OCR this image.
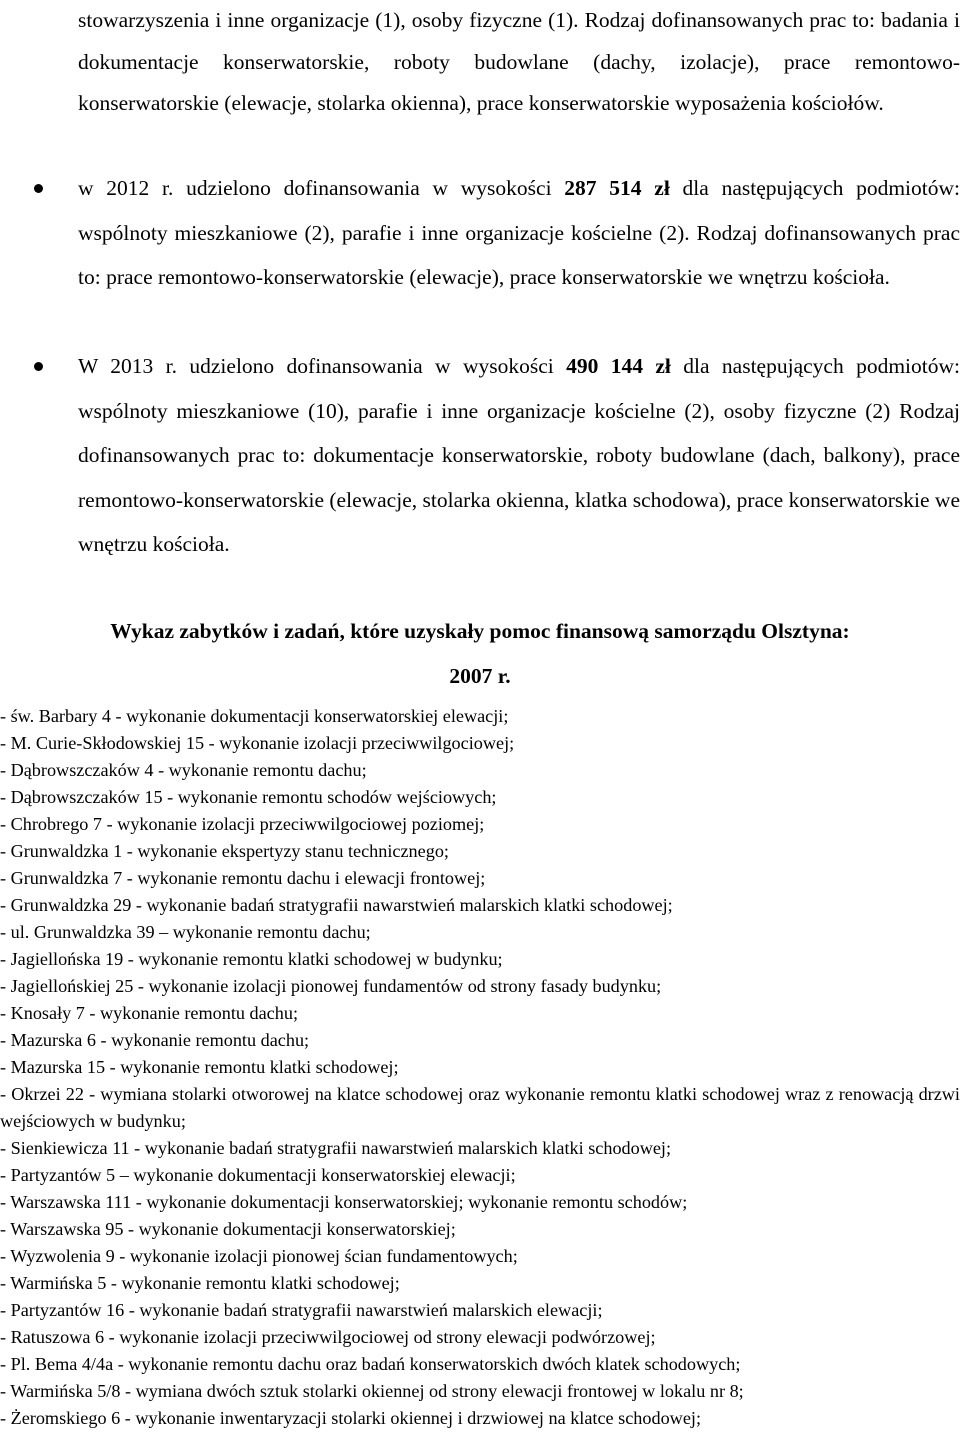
stowarzyszenia i inne organizacje (1), osoby fizyczne (1). Rodzaj dofinansowanych prac to: badania i dokumentacje konserwatorskie, roboty budowlane (dachy, izolacje), prace remontowo-konserwatorskie (elewacje, stolarka okienna), prace konserwatorskie wyposażenia kościołów.

w 2012 r. udzielono dofinansowania w wysokości 287 514 zł dla następujących podmiotów: wspólnoty mieszkaniowe (2), parafie i inne organizacje kościelne (2). Rodzaj dofinansowanych prac to: prace remontowo-konserwatorskie (elewacje), prace konserwatorskie we wnętrzu kościoła.
W 2013 r. udzielono dofinansowania w wysokości 490 144 zł dla następujących podmiotów: wspólnoty mieszkaniowe (10), parafie i inne organizacje kościelne (2), osoby fizyczne (2) Rodzaj dofinansowanych prac to: dokumentacje konserwatorskie, roboty budowlane (dach, balkony), prace remontowo-konserwatorskie (elewacje, stolarka okienna, klatka schodowa), prace konserwatorskie we wnętrzu kościoła.
Wykaz zabytków i zadań, które uzyskały pomoc finansową samorządu Olsztyna:
2007 r.
- św. Barbary 4 - wykonanie dokumentacji konserwatorskiej elewacji;
- M. Curie-Skłodowskiej 15 - wykonanie izolacji przeciwwilgociowej;
- Dąbrowszczaków 4 - wykonanie remontu dachu;
- Dąbrowszczaków 15 - wykonanie remontu schodów wejściowych;
- Chrobrego 7 - wykonanie izolacji przeciwwilgociowej poziomej;
- Grunwaldzka 1 - wykonanie ekspertyzy stanu technicznego;
- Grunwaldzka 7 - wykonanie remontu dachu i elewacji frontowej;
- Grunwaldzka 29 - wykonanie badań stratygrafii nawarstwień malarskich klatki schodowej;
- ul. Grunwaldzka 39 – wykonanie remontu dachu;
- Jagiellońska 19 - wykonanie remontu klatki schodowej w budynku;
- Jagiellońskiej 25 - wykonanie izolacji pionowej fundamentów od strony fasady budynku;
- Knosały 7 - wykonanie remontu dachu;
- Mazurska 6 - wykonanie remontu dachu;
- Mazurska 15 - wykonanie remontu klatki schodowej;
- Okrzei 22 - wymiana stolarki otworowej na klatce schodowej oraz wykonanie remontu klatki schodowej wraz z renowacją drzwi wejściowych w budynku;
- Sienkiewicza 11 - wykonanie badań stratygrafii nawarstwień malarskich klatki schodowej;
- Partyzantów 5 – wykonanie dokumentacji konserwatorskiej elewacji;
- Warszawska 111 - wykonanie dokumentacji konserwatorskiej; wykonanie remontu schodów;
- Warszawska 95 - wykonanie dokumentacji konserwatorskiej;
- Wyzwolenia 9 - wykonanie izolacji pionowej ścian fundamentowych;
- Warmińska 5 - wykonanie remontu klatki schodowej;
- Partyzantów 16 - wykonanie badań stratygrafii nawarstwień malarskich elewacji;
- Ratuszowa 6 - wykonanie izolacji przeciwwilgociowej od strony elewacji podwórzowej;
- Pl. Bema 4/4a - wykonanie remontu dachu oraz badań konserwatorskich dwóch klatek schodowych;
- Warmińska 5/8 - wymiana dwóch sztuk stolarki okiennej od strony elewacji frontowej w lokalu nr 8;
- Żeromskiego 6 - wykonanie inwentaryzacji stolarki okiennej i drzwiowej na klatce schodowej;
